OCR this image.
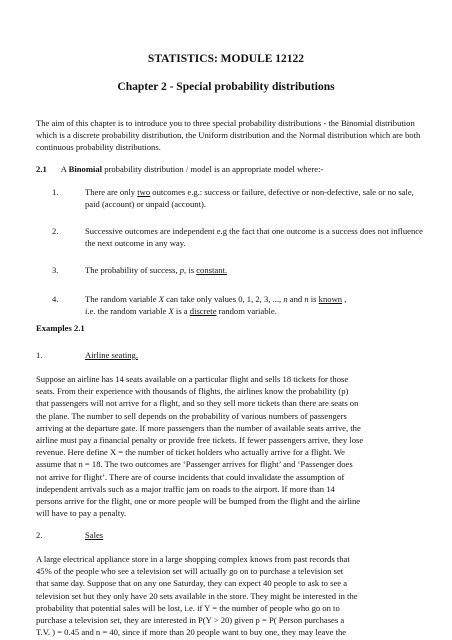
STATISTICS: MODULE 12122
Chapter 2 - Special probability distributions

The aim of this chapter is to introduce you to three special probability distributions - the Binomial distribution which is a discrete probability distribution, the Uniform distribution and the Normal distribution which are both continuous probability distributions.

2.1 A Binomial probability distribution / model is an appropriate model where:-
1.	There are only two outcomes e.g.: success or failure, defective or non-defective, sale or no sale, paid (account) or unpaid (account).

2.	Successive outcomes are independent e.g the fact that one outcome is a success does not influence the next outcome in any way.

3.	The probability of success, p, is constant.

4.	The random variable X can take only values 0, 1, 2, 3, ..., n and n is known ,
i.e. the random variable X is a discrete random variable.

Examples 2.1
1.	Airline seating.
Suppose an airline has 14 seats available on a particular flight and sells 18 tickets for those
seats. From their experience with thousands of flights, the airlines know the probability (p)
that passengers will not arrive for a flight, and so they sell more tickets than there are seats on
the plane. The number to sell depends on the probability of various numbers of passengers
arriving at the departure gate. If more passengers than the number of available seats arrive, the
airline must pay a financial penalty or provide free tickets. If fewer passengers arrive, they lose
revenue. Here define X = the number of ticket holders who actually arrive for a flight. We
assume that n = 18. The two outcomes are ‘Passenger arrives for flight’ and ‘Passenger does
not arrive for flight’. There are of course incidents that could invalidate the assumption of
independent arrivals such as a major traffic jam on roads to the airport. If more than 14
persons arrive for the flight, one or more people will be bumped from the flight and the airline
will have to pay a penalty.
2.	Sales
A large electrical appliance store in a large shopping complex knows from past records that
45% of the people who see a television set will actually go on to purchase a television set
that same day. Suppose that on any one Saturday, they can expect 40 people to ask to see a
television set but they only have 20 sets available in the store. They might be interested in the
probability that potential sales will be lost, i.e. if Y = the number of people who go on to
purchase a television set, they are interested in P(Y > 20) given p = P( Person purchases a
T.V. ) = 0.45 and n = 40, since if more than 20 people want to buy one, they may leave the
